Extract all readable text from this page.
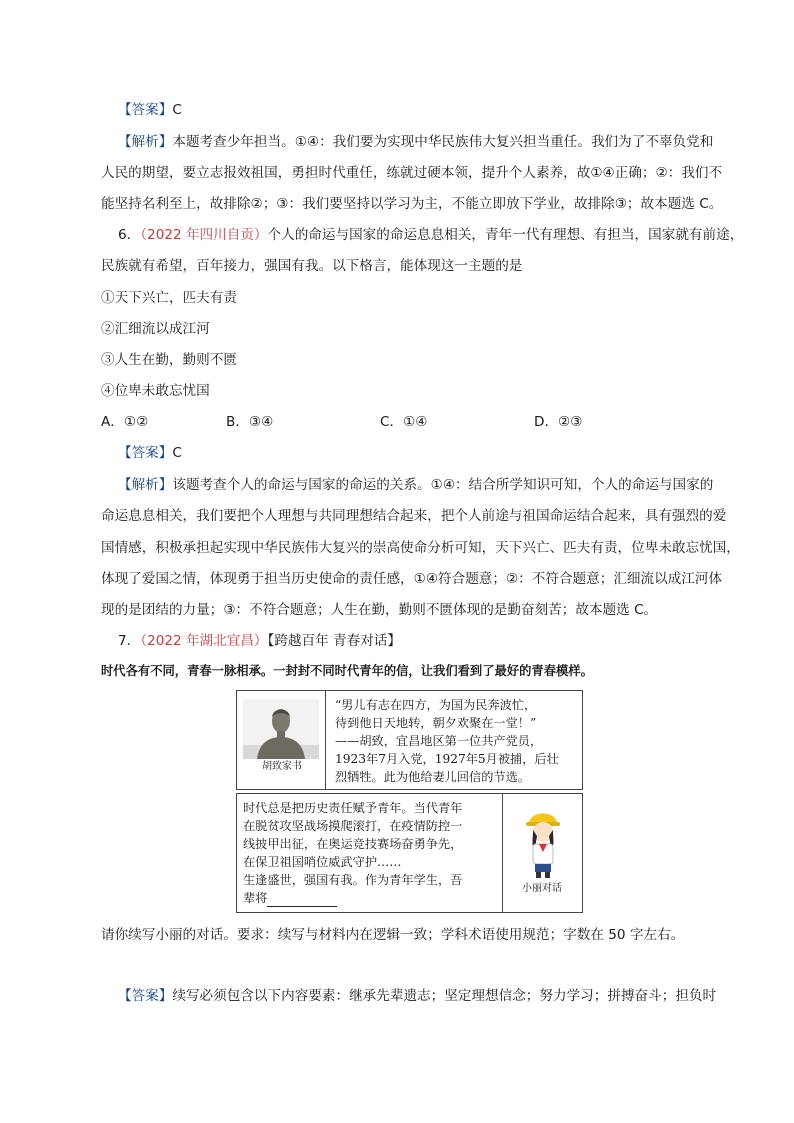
【答案】C
【解析】本题考查少年担当。①④：我们要为实现中华民族伟大复兴担当重任。我们为了不辜负党和
人民的期望，要立志报效祖国，勇担时代重任，练就过硬本领，提升个人素养，故①④正确；②：我们不
能坚持名利至上，故排除②；③：我们要坚持以学习为主，不能立即放下学业，故排除③；故本题选 C。
6．（2022 年四川自贡）个人的命运与国家的命运息息相关，青年一代有理想、有担当，国家就有前途，
民族就有希望，百年接力，强国有我。以下格言，能体现这一主题的是
①天下兴亡，匹夫有责
②汇细流以成江河
③人生在勤，勤则不匮
④位卑未敢忘忧国
A．①②	B．③④	C．①④	D．②③
【答案】C
【解析】该题考查个人的命运与国家的命运的关系。①④：结合所学知识可知，个人的命运与国家的
命运息息相关，我们要把个人理想与共同理想结合起来，把个人前途与祖国命运结合起来，具有强烈的爱
国情感，积极承担起实现中华民族伟大复兴的崇高使命分析可知，天下兴亡、匹夫有责，位卑未敢忘忧国，
体现了爱国之情，体现勇于担当历史使命的责任感，①④符合题意；②：不符合题意；汇细流以成江河体
现的是团结的力量；③：不符合题意；人生在勤，勤则不匮体现的是勤奋刻苦；故本题选 C。
7．（2022 年湖北宜昌）【跨越百年 青春对话】
时代各有不同，青春一脉相承。一封封不同时代青年的信，让我们看到了最好的青春模样。
胡致家书
“男儿有志在四方，为国为民奔波忙，
待到他日天地转，朝夕欢聚在一堂！”
——胡致，宜昌地区第一位共产党员，
1923年7月入党，1927年5月被捕，后壮
烈牺牲。此为他给妻儿回信的节选。
时代总是把历史责任赋予青年。当代青年
在脱贫攻坚战场摸爬滚打，在疫情防控一
线披甲出征，在奥运竞技赛场奋勇争先，
在保卫祖国哨位威武守护……
生逢盛世，强国有我。作为青年学生，吾
辈将
小丽对话
请你续写小丽的对话。要求：续写与材料内在逻辑一致；学科术语使用规范；字数在 50 字左右。
【答案】续写必须包含以下内容要素：继承先辈遗志；坚定理想信念；努力学习；拼搏奋斗；担负时
